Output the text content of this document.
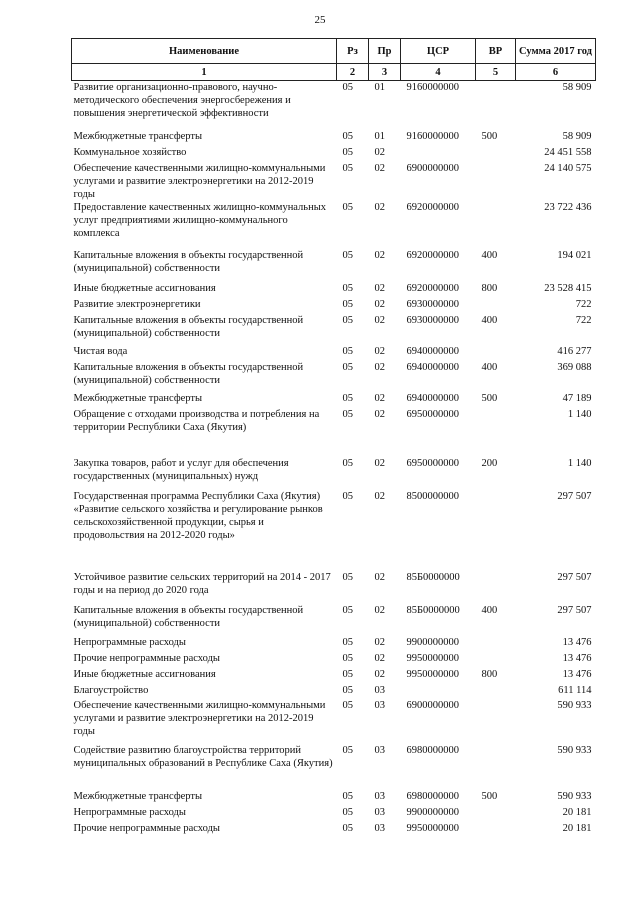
25
Наименование	Рз	Пр	ЦСР	ВР	Сумма 2017 год
1	2	3	4	5	6
Развитие организационно-правового, научно-методического обеспечения энергосбережения и повышения энергетической эффективности	05	01	9160000000		58 909
Межбюджетные трансферты	05	01	9160000000	500	58 909
Коммунальное хозяйство	05	02			24 451 558
Обеспечение качественными жилищно-коммунальными услугами и развитие электроэнергетики на 2012-2019 годы	05	02	6900000000		24 140 575
Предоставление качественных жилищно-коммунальных услуг предприятиями жилищно-коммунального комплекса	05	02	6920000000		23 722 436
Капитальные вложения в объекты государственной (муниципальной) собственности	05	02	6920000000	400	194 021
Иные бюджетные ассигнования	05	02	6920000000	800	23 528 415
Развитие электроэнергетики	05	02	6930000000		722
Капитальные вложения в объекты государственной (муниципальной) собственности	05	02	6930000000	400	722
Чистая вода	05	02	6940000000		416 277
Капитальные вложения в объекты государственной (муниципальной) собственности	05	02	6940000000	400	369 088
Межбюджетные трансферты	05	02	6940000000	500	47 189
Обращение с отходами производства и потребления на территории Республики Саха (Якутия)	05	02	6950000000		1 140
Закупка товаров, работ и услуг для обеспечения государственных (муниципальных) нужд	05	02	6950000000	200	1 140
Государственная программа Республики Саха (Якутия) «Развитие сельского хозяйства и регулирование рынков сельскохозяйственной продукции, сырья и продовольствия на 2012-2020 годы»	05	02	8500000000		297 507
Устойчивое развитие сельских территорий на 2014 - 2017 годы и на период до 2020 года	05	02	85Б0000000		297 507
Капитальные вложения в объекты государственной (муниципальной) собственности	05	02	85Б0000000	400	297 507
Непрограммные расходы	05	02	9900000000		13 476
Прочие непрограммные расходы	05	02	9950000000		13 476
Иные бюджетные ассигнования	05	02	9950000000	800	13 476
Благоустройство	05	03			611 114
Обеспечение качественными жилищно-коммунальными услугами и развитие электроэнергетики на 2012-2019 годы	05	03	6900000000		590 933
Содействие развитию благоустройства территорий муниципальных образований в Республике Саха (Якутия)	05	03	6980000000		590 933
Межбюджетные трансферты	05	03	6980000000	500	590 933
Непрограммные расходы	05	03	9900000000		20 181
Прочие непрограммные расходы	05	03	9950000000		20 181
